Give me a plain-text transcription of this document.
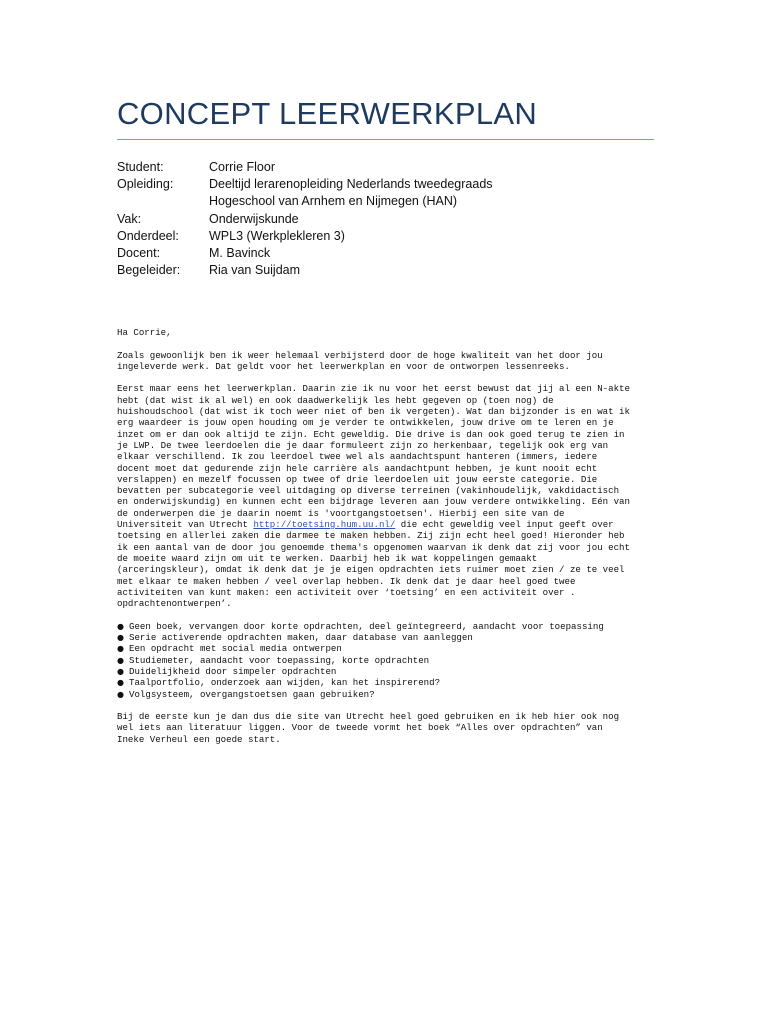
CONCEPT LEERWERKPLAN
Student:	Corrie Floor
Opleiding:	Deeltijd lerarenopleiding Nederlands tweedegraads
Hogeschool van Arnhem en Nijmegen (HAN)
Vak:	Onderwijskunde
Onderdeel:	WPL3 (Werkplekleren 3)
Docent:	M. Bavinck
Begeleider:	Ria van Suijdam

Ha Corrie,

Zoals gewoonlijk ben ik weer helemaal verbijsterd door de hoge kwaliteit van het door jou
ingeleverde werk. Dat geldt voor het leerwerkplan en voor de ontworpen lessenreeks.

Eerst maar eens het leerwerkplan. Daarin zie ik nu voor het eerst bewust dat jij al een N-akte
hebt (dat wist ik al wel) en ook daadwerkelijk les hebt gegeven op (toen nog) de
huishoudschool (dat wist ik toch weer niet of ben ik vergeten). Wat dan bijzonder is en wat ik
erg waardeer is jouw open houding om je verder te ontwikkelen, jouw drive om te leren en je
inzet om er dan ook altijd te zijn. Echt geweldig. Die drive is dan ook goed terug te zien in
je LWP. De twee leerdoelen die je daar formuleert zijn zo herkenbaar, tegelijk ook erg van
elkaar verschillend. Ik zou leerdoel twee wel als aandachtspunt hanteren (immers, iedere
docent moet dat gedurende zijn hele carrière als aandachtpunt hebben, je kunt nooit echt
verslappen) en mezelf focussen op twee of drie leerdoelen uit jouw eerste categorie. Die
bevatten per subcategorie veel uitdaging op diverse terreinen (vakinhoudelijk, vakdidactisch
en onderwijskundig) en kunnen echt een bijdrage leveren aan jouw verdere ontwikkeling. Eén van
de onderwerpen die je daarin noemt is 'voortgangstoetsen'. Hierbij een site van de
Universiteit van Utrecht http://toetsing.hum.uu.nl/ die echt geweldig veel input geeft over
toetsing en allerlei zaken die darmee te maken hebben. Zij zijn echt heel goed! Hieronder heb
ik een aantal van de door jou genoemde thema's opgenomen waarvan ik denk dat zij voor jou echt
de moeite waard zijn om uit te werken. Daarbij heb ik wat koppelingen gemaakt
(arceringskleur), omdat ik denk dat je je eigen opdrachten iets ruimer moet zien / ze te veel
met elkaar te maken hebben / veel overlap hebben. Ik denk dat je daar heel goed twee
activiteiten van kunt maken: een activiteit over ‘toetsing’ en een activiteit over .
opdrachtenontwerpen’.

● Geen boek, vervangen door korte opdrachten, deel geïntegreerd, aandacht voor toepassing
● Serie activerende opdrachten maken, daar database van aanleggen
● Een opdracht met social media ontwerpen
● Studiemeter, aandacht voor toepassing, korte opdrachten
● Duidelijkheid door simpeler opdrachten
● Taalportfolio, onderzoek aan wijden, kan het inspirerend?
● Volgsysteem, overgangstoetsen gaan gebruiken?

Bij de eerste kun je dan dus die site van Utrecht heel goed gebruiken en ik heb hier ook nog
wel iets aan literatuur liggen. Voor de tweede vormt het boek “Alles over opdrachten” van
Ineke Verheul een goede start.
